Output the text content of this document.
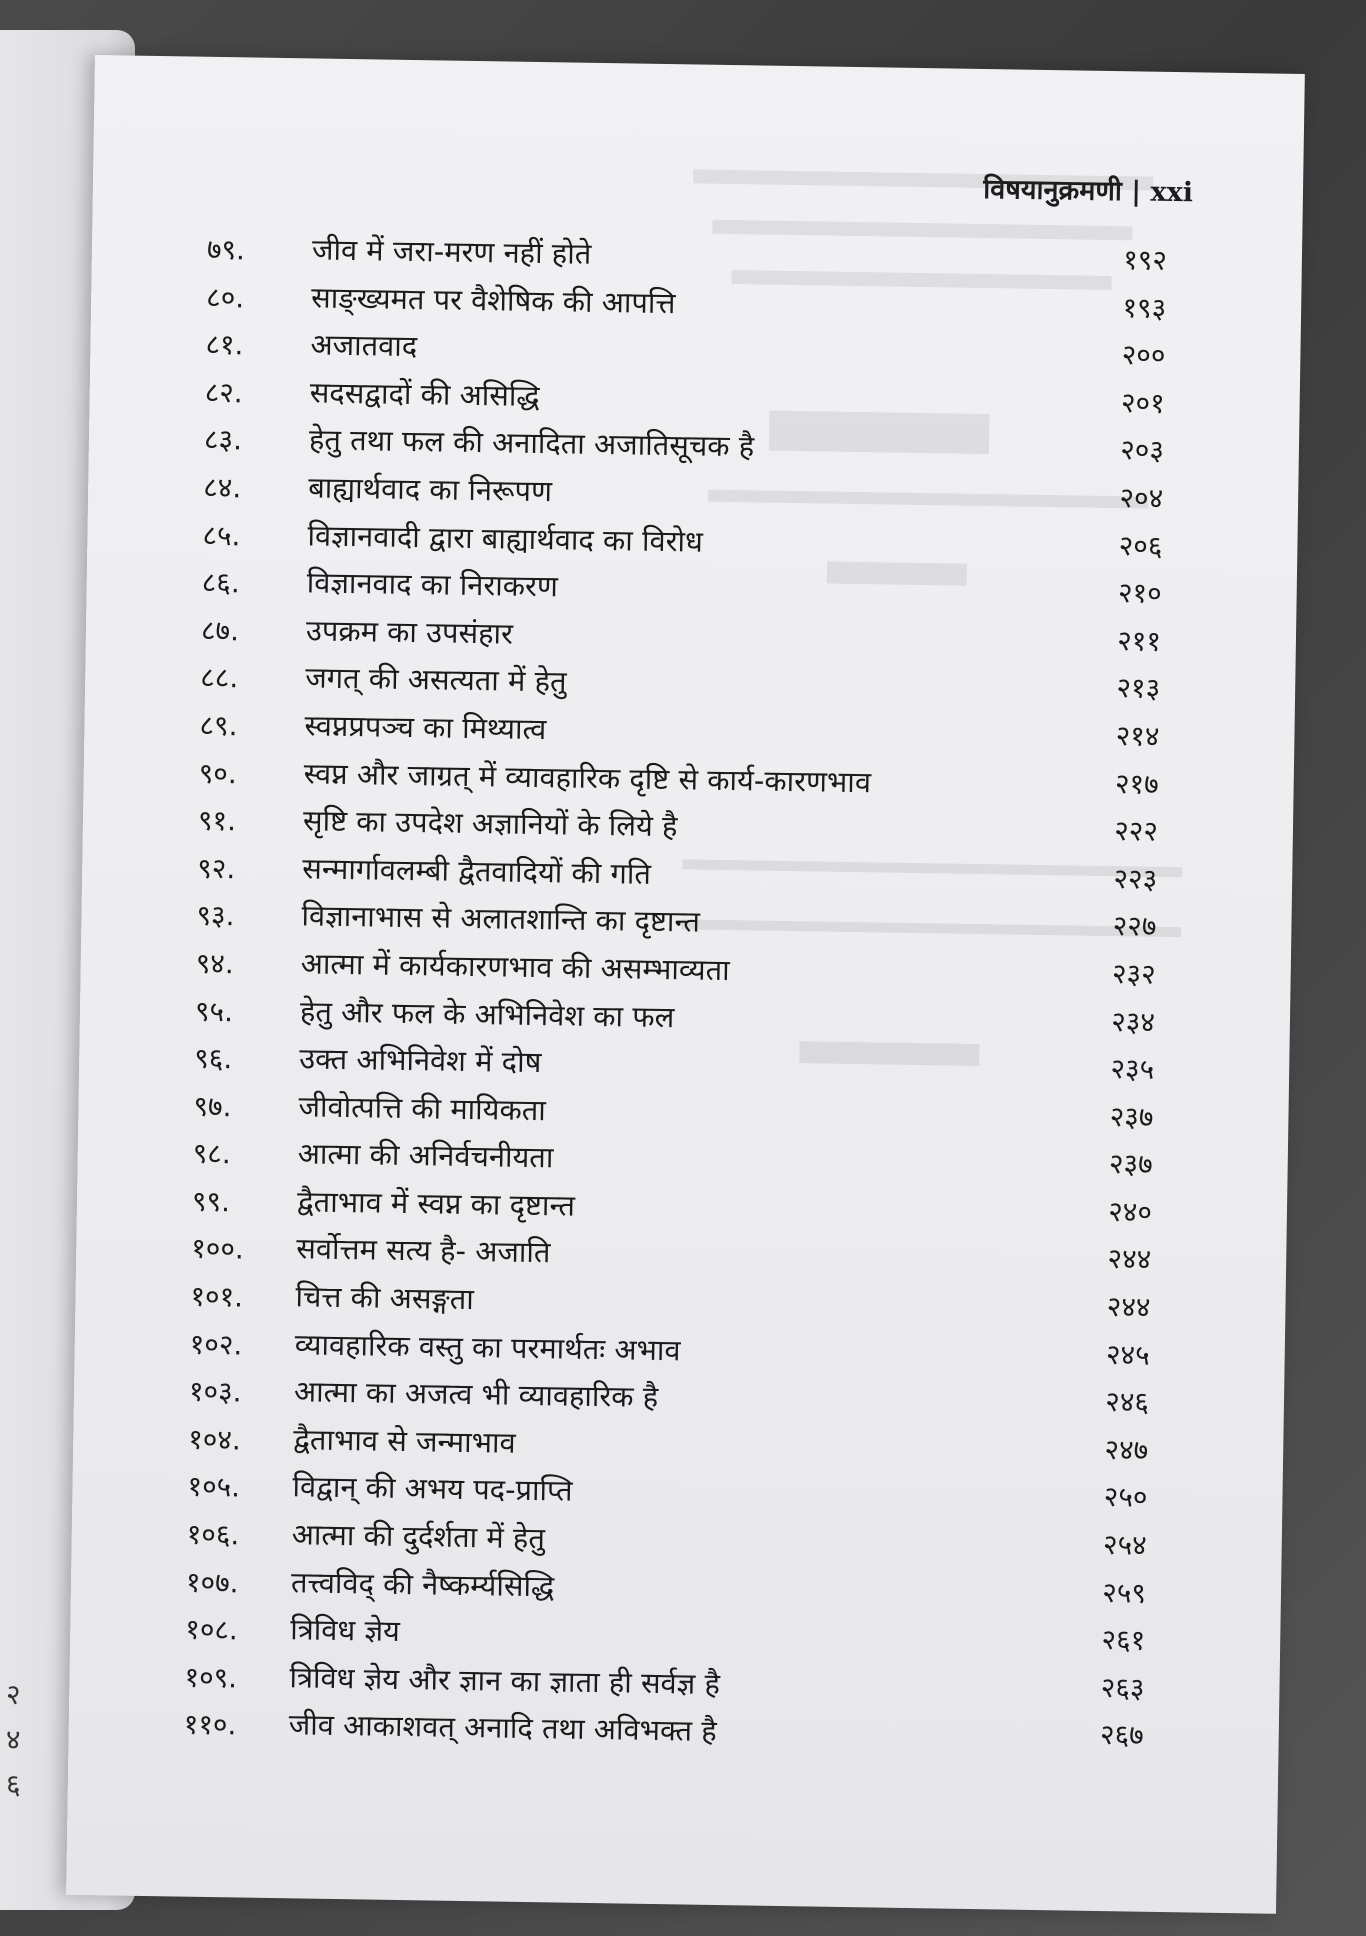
२
४
६
विषयानुक्रमणी | xxi
७९.	जीव में जरा-मरण नहीं होते	१९२
८०.	साङ्ख्यमत पर वैशेषिक की आपत्ति	१९३
८१.	अजातवाद	२००
८२.	सदसद्वादों की असिद्धि	२०१
८३.	हेतु तथा फल की अनादिता अजातिसूचक है	२०३
८४.	बाह्यार्थवाद का निरूपण	२०४
८५.	विज्ञानवादी द्वारा बाह्यार्थवाद का विरोध	२०६
८६.	विज्ञानवाद का निराकरण	२१०
८७.	उपक्रम का उपसंहार	२११
८८.	जगत् की असत्यता में हेतु	२१३
८९.	स्वप्नप्रपञ्च का मिथ्यात्व	२१४
९०.	स्वप्न और जाग्रत् में व्यावहारिक दृष्टि से कार्य-कारणभाव	२१७
९१.	सृष्टि का उपदेश अज्ञानियों के लिये है	२२२
९२.	सन्मार्गावलम्बी द्वैतवादियों की गति	२२३
९३.	विज्ञानाभास से अलातशान्ति का दृष्टान्त	२२७
९४.	आत्मा में कार्यकारणभाव की असम्भाव्यता	२३२
९५.	हेतु और फल के अभिनिवेश का फल	२३४
९६.	उक्त अभिनिवेश में दोष	२३५
९७.	जीवोत्पत्ति की मायिकता	२३७
९८.	आत्मा की अनिर्वचनीयता	२३७
९९.	द्वैताभाव में स्वप्न का दृष्टान्त	२४०
१००.	सर्वोत्तम सत्य है- अजाति	२४४
१०१.	चित्त की असङ्गता	२४४
१०२.	व्यावहारिक वस्तु का परमार्थतः अभाव	२४५
१०३.	आत्मा का अजत्व भी व्यावहारिक है	२४६
१०४.	द्वैताभाव से जन्माभाव	२४७
१०५.	विद्वान् की अभय पद-प्राप्ति	२५०
१०६.	आत्मा की दुर्दर्शता में हेतु	२५४
१०७.	तत्त्वविद् की नैष्कर्म्यसिद्धि	२५९
१०८.	त्रिविध ज्ञेय	२६१
१०९.	त्रिविध ज्ञेय और ज्ञान का ज्ञाता ही सर्वज्ञ है	२६३
११०.	जीव आकाशवत् अनादि तथा अविभक्त है	२६७
